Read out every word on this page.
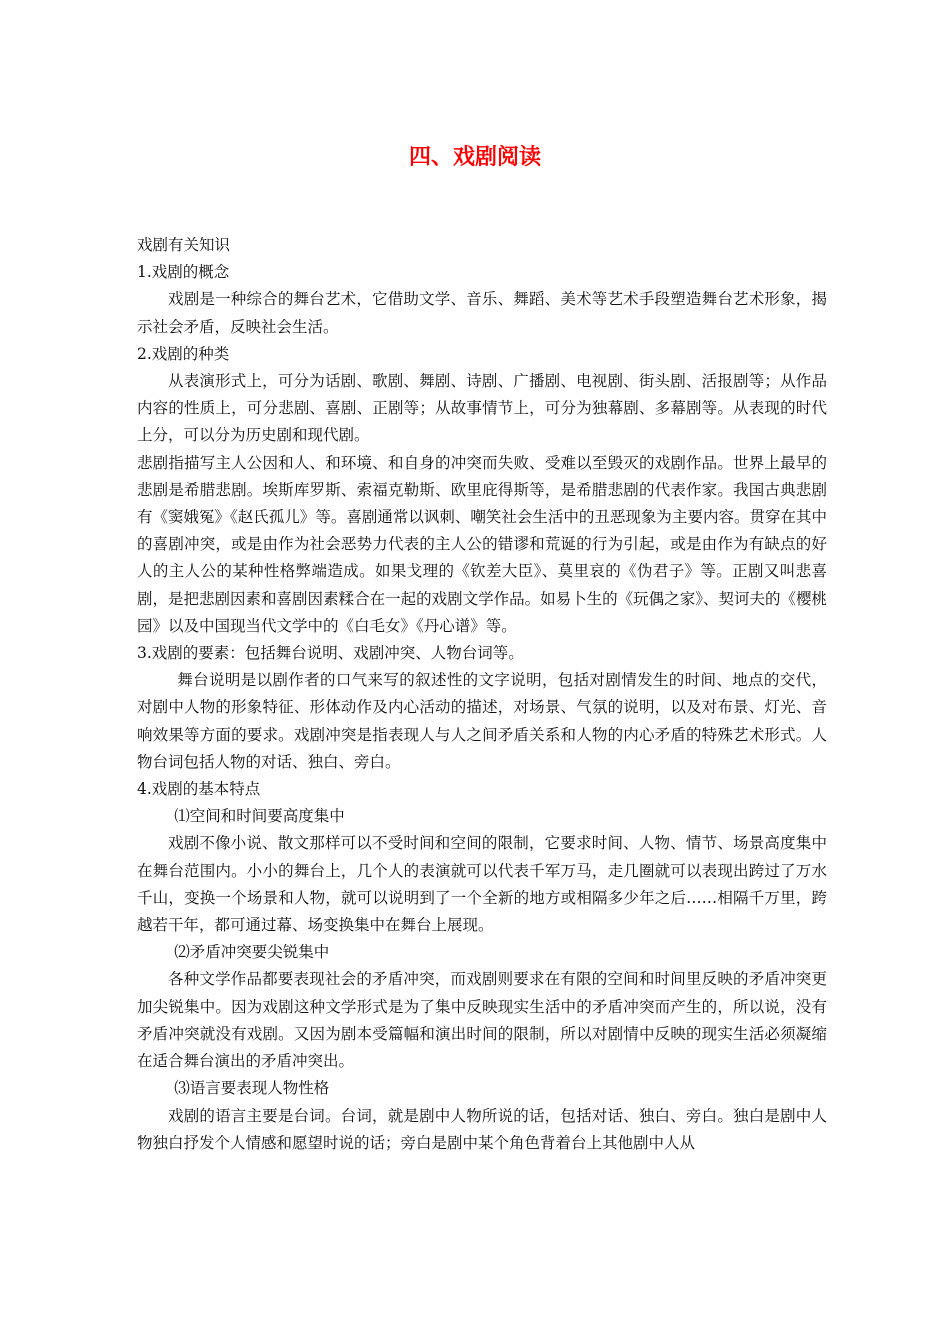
四、戏剧阅读

戏剧有关知识

1.戏剧的概念

戏剧是一种综合的舞台艺术，它借助文学、音乐、舞蹈、美术等艺术手段塑造舞台艺术形象，揭示社会矛盾，反映社会生活。

2.戏剧的种类

从表演形式上，可分为话剧、歌剧、舞剧、诗剧、广播剧、电视剧、街头剧、活报剧等；从作品内容的性质上，可分悲剧、喜剧、正剧等；从故事情节上，可分为独幕剧、多幕剧等。从表现的时代上分，可以分为历史剧和现代剧。

悲剧指描写主人公因和人、和环境、和自身的冲突而失败、受难以至毁灭的戏剧作品。世界上最早的悲剧是希腊悲剧。埃斯库罗斯、索福克勒斯、欧里庇得斯等，是希腊悲剧的代表作家。我国古典悲剧有《窦娥冤》《赵氏孤儿》等。喜剧通常以讽刺、嘲笑社会生活中的丑恶现象为主要内容。贯穿在其中的喜剧冲突，或是由作为社会恶势力代表的主人公的错谬和荒诞的行为引起，或是由作为有缺点的好人的主人公的某种性格弊端造成。如果戈理的《钦差大臣》、莫里哀的《伪君子》等。正剧又叫悲喜剧，是把悲剧因素和喜剧因素糅合在一起的戏剧文学作品。如易卜生的《玩偶之家》、契诃夫的《樱桃园》以及中国现当代文学中的《白毛女》《丹心谱》等。

3.戏剧的要素：包括舞台说明、戏剧冲突、人物台词等。

舞台说明是以剧作者的口气来写的叙述性的文字说明，包括对剧情发生的时间、地点的交代，对剧中人物的形象特征、形体动作及内心活动的描述，对场景、气氛的说明，以及对布景、灯光、音响效果等方面的要求。戏剧冲突是指表现人与人之间矛盾关系和人物的内心矛盾的特殊艺术形式。人物台词包括人物的对话、独白、旁白。

4.戏剧的基本特点

⑴空间和时间要高度集中

戏剧不像小说、散文那样可以不受时间和空间的限制，它要求时间、人物、情节、场景高度集中在舞台范围内。小小的舞台上，几个人的表演就可以代表千军万马，走几圈就可以表现出跨过了万水千山，变换一个场景和人物，就可以说明到了一个全新的地方或相隔多少年之后……相隔千万里，跨越若干年，都可通过幕、场变换集中在舞台上展现。

⑵矛盾冲突要尖锐集中

各种文学作品都要表现社会的矛盾冲突，而戏剧则要求在有限的空间和时间里反映的矛盾冲突更加尖锐集中。因为戏剧这种文学形式是为了集中反映现实生活中的矛盾冲突而产生的，所以说，没有矛盾冲突就没有戏剧。又因为剧本受篇幅和演出时间的限制，所以对剧情中反映的现实生活必须凝缩在适合舞台演出的矛盾冲突出。

⑶语言要表现人物性格

戏剧的语言主要是台词。台词，就是剧中人物所说的话，包括对话、独白、旁白。独白是剧中人物独白抒发个人情感和愿望时说的话；旁白是剧中某个角色背着台上其他剧中人从
